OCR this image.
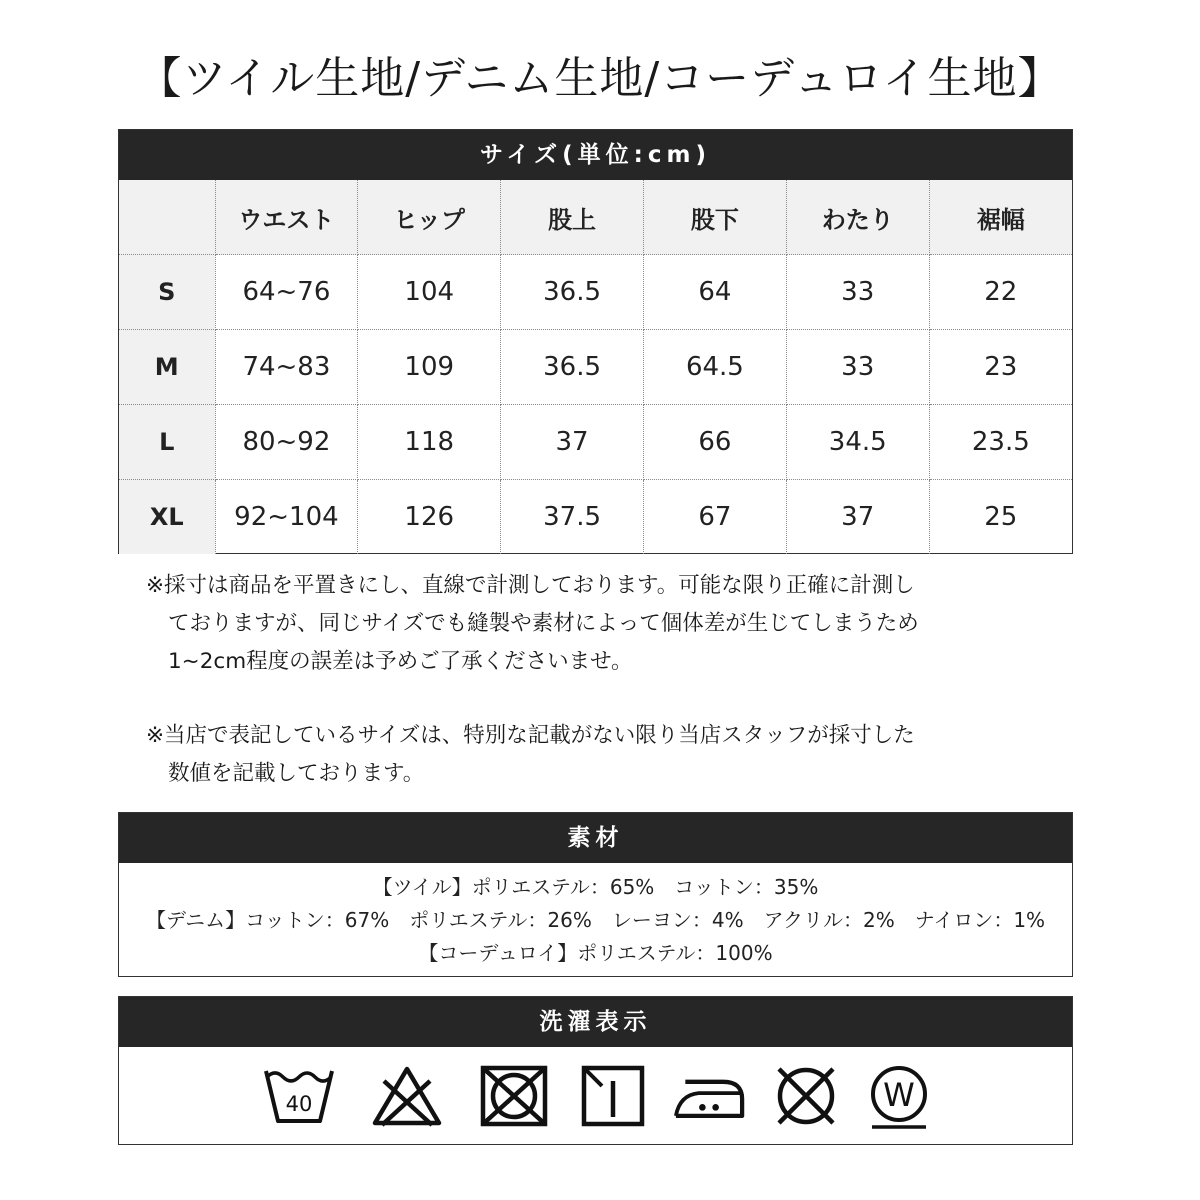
【ツイル生地/デニム生地/コーデュロイ生地】
サイズ(単位:cm)
	ウエスト	ヒップ	股上	股下	わたり	裾幅
S	64~76	104	36.5	64	33	22
M	74~83	109	36.5	64.5	33	23
L	80~92	118	37	66	34.5	23.5
XL	92~104	126	37.5	67	37	25
※採寸は商品を平置きにし、直線で計測しております。可能な限り正確に計測し
ておりますが、同じサイズでも縫製や素材によって個体差が生じてしまうため
1~2cm程度の誤差は予めご了承くださいませ。
※当店で表記しているサイズは、特別な記載がない限り当店スタッフが採寸した
数値を記載しております。
素材
【ツイル】ポリエステル：65%　コットン：35%
【デニム】コットン：67%　ポリエステル：26%　レーヨン：4%　アクリル：2%　ナイロン：1%
【コーデュロイ】ポリエステル：100%
洗濯表示
40	W
